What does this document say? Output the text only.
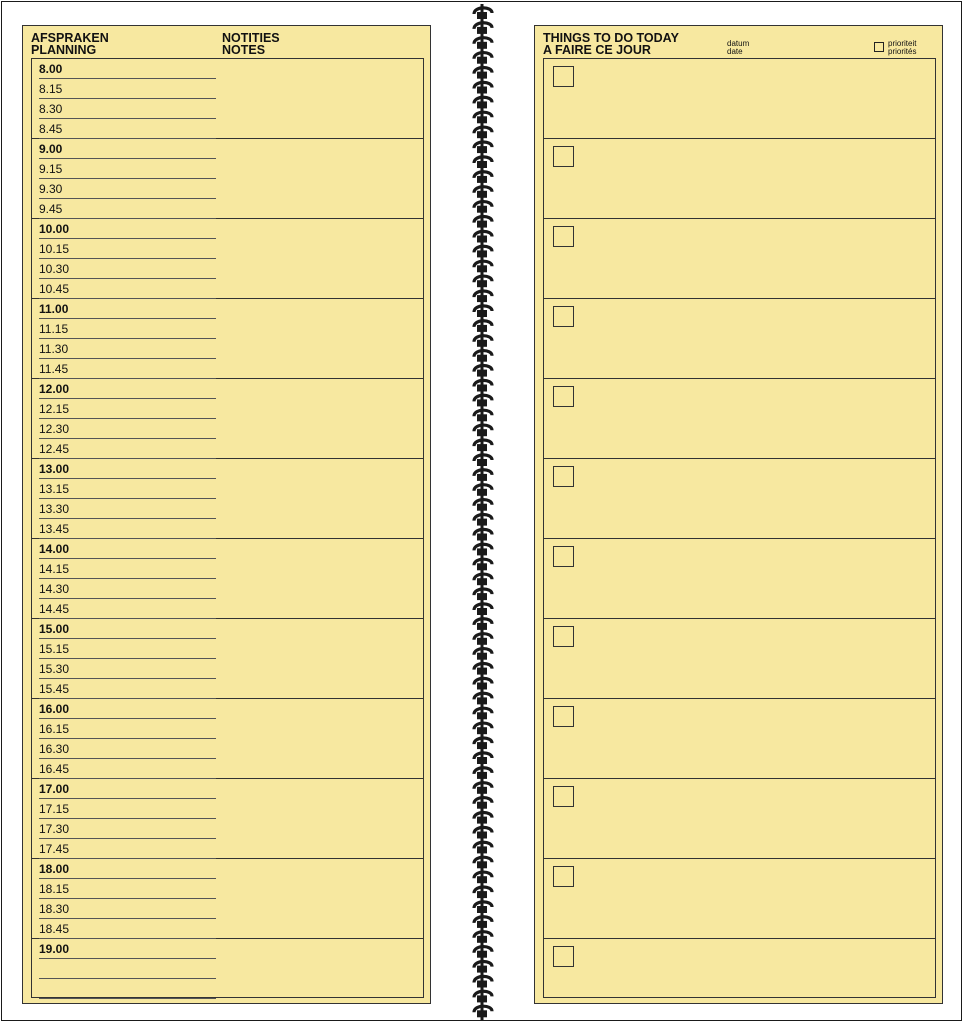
AFSPRAKEN
PLANNING
NOTITIES
NOTES
8.00
8.15
8.30
8.45
9.00
9.15
9.30
9.45
10.00
10.15
10.30
10.45
11.00
11.15
11.30
11.45
12.00
12.15
12.30
12.45
13.00
13.15
13.30
13.45
14.00
14.15
14.30
14.45
15.00
15.15
15.30
15.45
16.00
16.15
16.30
16.45
17.00
17.15
17.30
17.45
18.00
18.15
18.30
18.45
19.00
THINGS TO DO TODAY
A FAIRE CE JOUR	datum
date
prioriteit
priorités
